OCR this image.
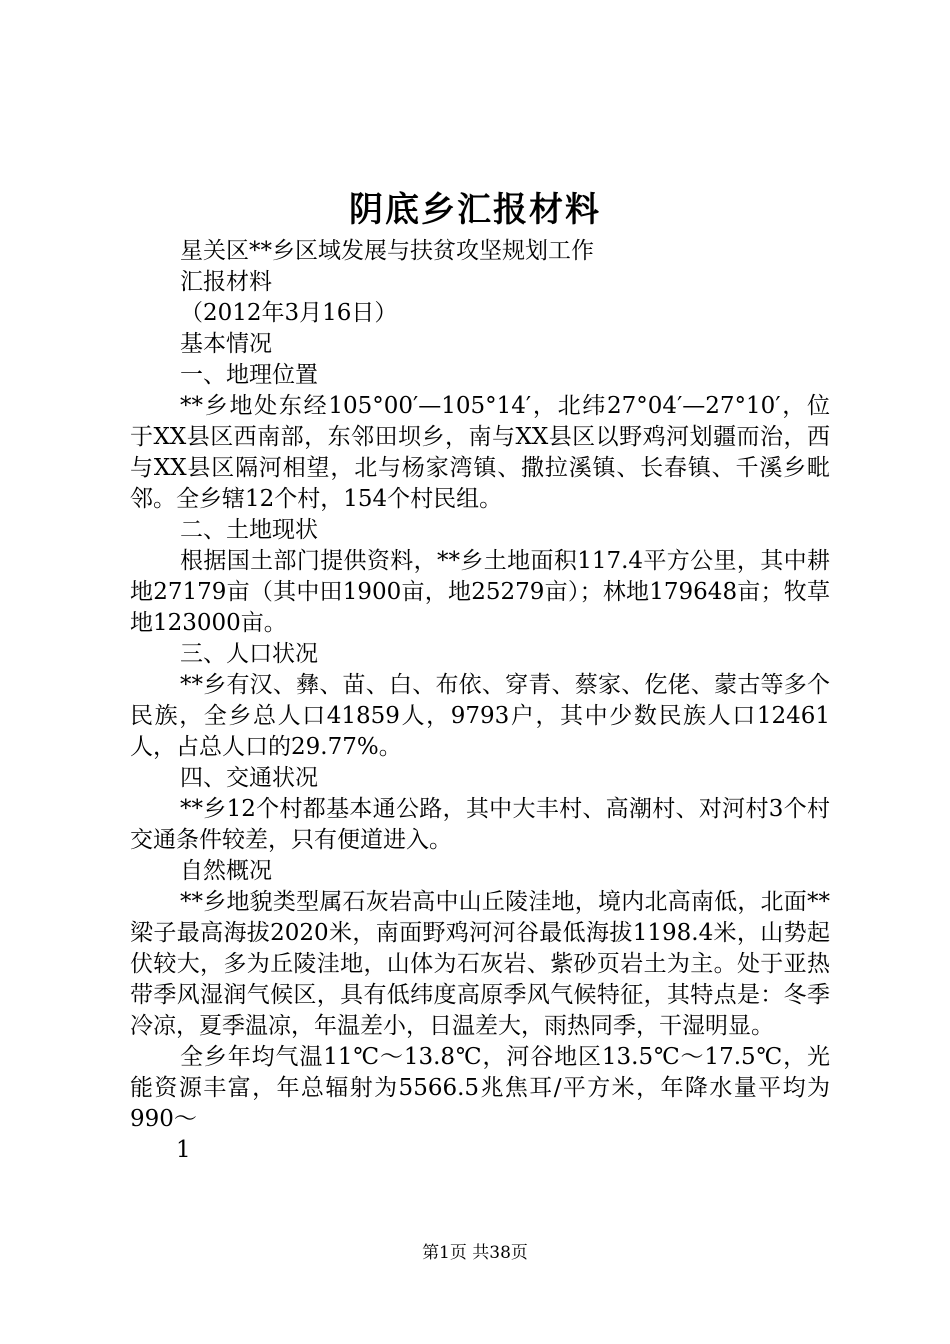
阴底乡汇报材料
星关区**乡区域发展与扶贫攻坚规划工作
汇报材料
（2012年3月16日）
基本情况
一、地理位置
**乡地处东经105°00′—105°14′，北纬27°04′—27°10′，位于XX县区西南部，东邻田坝乡，南与XX县区以野鸡河划疆而治，西与XX县区隔河相望，北与杨家湾镇、撒拉溪镇、长春镇、千溪乡毗邻。全乡辖12个村，154个村民组。
二、土地现状
根据国土部门提供资料，**乡土地面积117.4平方公里，其中耕地27179亩（其中田1900亩，地25279亩）；林地179648亩；牧草地123000亩。
三、人口状况
**乡有汉、彝、苗、白、布依、穿青、蔡家、仡佬、蒙古等多个民族，全乡总人口41859人，9793户，其中少数民族人口12461人，占总人口的29.77%。
四、交通状况
**乡12个村都基本通公路，其中大丰村、高潮村、对河村3个村交通条件较差，只有便道进入。
自然概况
**乡地貌类型属石灰岩高中山丘陵洼地，境内北高南低，北面**梁子最高海拔2020米，南面野鸡河河谷最低海拔1198.4米，山势起伏较大，多为丘陵洼地，山体为石灰岩、紫砂页岩土为主。处于亚热带季风湿润气候区，具有低纬度高原季风气候特征，其特点是：冬季冷凉，夏季温凉，年温差小，日温差大，雨热同季，干湿明显。
全乡年均气温11℃～13.8℃，河谷地区13.5℃～17.5℃，光能资源丰富，年总辐射为5566.5兆焦耳/平方米，年降水量平均为990～
1
第1页 共38页
